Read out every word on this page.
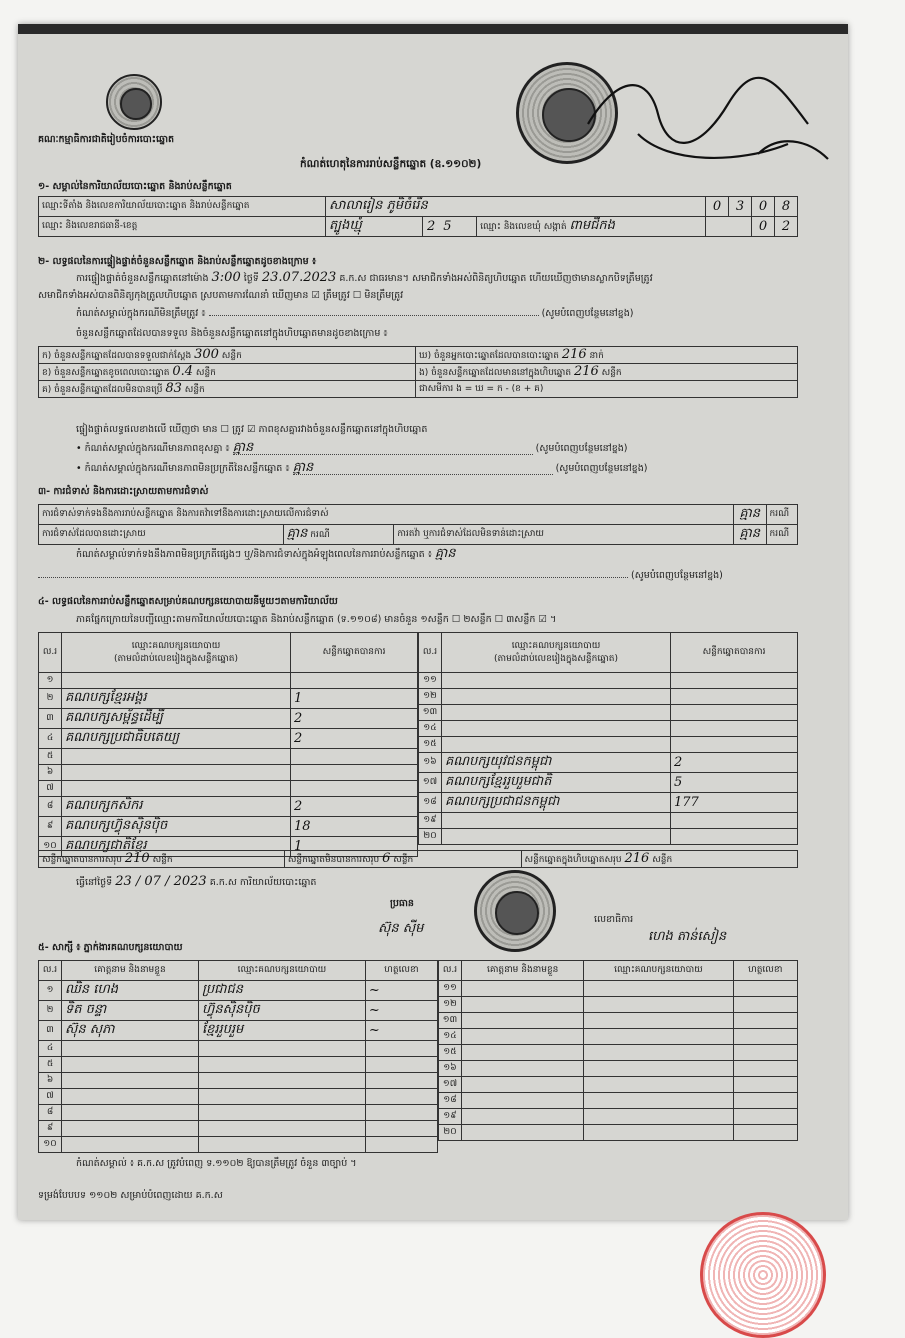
គណៈកម្មាធិការជាតិរៀបចំការបោះឆ្នោត
កំណត់ហេតុនៃការរាប់សន្លឹកឆ្នោត (ឧ.១១០២)
១- សម្គាល់នៃការិយាល័យបោះឆ្នោត និងរាប់សន្លឹកឆ្នោត
ឈ្មោះទីតាំង និងលេខការិយាល័យបោះឆ្នោត និងរាប់សន្លឹកឆ្នោត	សាលារៀន ភូមិចំរើន			0	3	0	8
ឈ្មោះ និងលេខរាជធានី-ខេត្ត	ត្បូងឃ្មុំ	2 5	ឈ្មោះ និងលេខឃុំ សង្កាត់ ពាមជីកង			0	2
២- លទ្ធផលនៃការផ្ទៀងផ្ទាត់ចំនួនសន្លឹកឆ្នោត និងរាប់សន្លឹកឆ្នោតដូចខាងក្រោម ៖
ការផ្ទៀងផ្ទាត់ចំនួនសន្លឹកឆ្នោតនៅម៉ោង 3:00 ថ្ងៃទី 23.07.2023 គ.ក.ស ជាធរមាន។ សមាជិកទាំងអស់ពិនិត្យហិបឆ្នោត ហើយឃើញថាមានស្លាកបិទត្រឹមត្រូវ
សមាជិកទាំងអស់បានពិនិត្យកុងត្រូលហិបឆ្នោត ស្របតាមការណែនាំ ឃើញមាន ☑ ត្រឹមត្រូវ ☐ មិនត្រឹមត្រូវ
កំណត់សម្គាល់ក្នុងករណីមិនត្រឹមត្រូវ ៖	(សូមបំពេញបន្ថែមនៅខ្នង)
ចំនួនសន្លឹកឆ្នោតដែលបានទទួល និងចំនួនសន្លឹកឆ្នោតនៅក្នុងហិបឆ្នោតមានដូចខាងក្រោម ៖
ក) ចំនួនសន្លឹកឆ្នោតដែលបានទទួលជាក់ស្ដែង 300 សន្លឹក	ឃ) ចំនួនអ្នកបោះឆ្នោតដែលបានបោះឆ្នោត 216 នាក់
ខ) ចំនួនសន្លឹកឆ្នោតខូចពេលបោះឆ្នោត 0.4 សន្លឹក	ង) ចំនួនសន្លឹកឆ្នោតដែលមាននៅក្នុងហិបឆ្នោត 216 សន្លឹក
គ) ចំនួនសន្លឹកឆ្នោតដែលមិនបានប្រើ 83 សន្លឹក	ជាសមីការ ង = ឃ = ក - (ខ + គ)
ផ្ទៀងផ្ទាត់លទ្ធផលខាងលើ ឃើញថា មាន ☐ ត្រូវ ☑ ភាពខុសគ្នារវាងចំនួនសន្លឹកឆ្នោតនៅក្នុងហិបឆ្នោត
• កំណត់សម្គាល់ក្នុងករណីមានភាពខុសគ្នា ៖ គ្មាន	(សូមបំពេញបន្ថែមនៅខ្នង)
• កំណត់សម្គាល់ក្នុងករណីមានភាពមិនប្រក្រតីនៃសន្លឹកឆ្នោត ៖ គ្មាន	(សូមបំពេញបន្ថែមនៅខ្នង)
៣- ការជំទាស់ និងការដោះស្រាយតាមការជំទាស់
ការជំទាស់ទាក់ទងនឹងការរាប់សន្លឹកឆ្នោត និងការតវ៉ាទៅនឹងការដោះស្រាយលើការជំទាស់			គ្មាន	ករណី
ការជំទាស់ដែលបានដោះស្រាយ	គ្មាន ករណី	ការតវ៉ា ឬការជំទាស់ដែលមិនទាន់ដោះស្រាយ	គ្មាន	ករណី
កំណត់សម្គាល់ទាក់ទងនឹងភាពមិនប្រក្រតីផ្សេងៗ ឬ/និងការជំទាស់ក្នុងអំឡុងពេលនៃការរាប់សន្លឹកឆ្នោត ៖ គ្មាន
(សូមបំពេញបន្ថែមនៅខ្នង)
៤- លទ្ធផលនៃការរាប់សន្លឹកឆ្នោតសម្រាប់គណបក្សនយោបាយនីមួយៗតាមការិយាល័យ
ភាគផ្នែកក្រោយនៃបញ្ជីឈ្មោះតាមការិយាល័យបោះឆ្នោត និងរាប់សន្លឹកឆ្នោត (ទ.១១០៨) មានចំនួន ១សន្លឹក ☐ ២សន្លឹក ☐ ៣សន្លឹក ☑ ។
ល.រ	ឈ្មោះគណបក្សនយោបាយ
(តាមលំដាប់លេខរៀងក្នុងសន្លឹកឆ្នោត)	សន្លឹកឆ្នោតបានការ
១		
២	គណបក្សខ្មែរអង្គរ	1
៣	គណបក្សសម្ព័ន្ធដើម្បី	2
៤	គណបក្សប្រជាធិបតេយ្យ	2
៥		
៦		
៧		
៨	គណបក្សកសិករ	2
៩	គណបក្សហ៊្វុនស៊ិនប៉ិច	18
១០	គណបក្សជាតិខ្មែរ	1
ល.រ	ឈ្មោះគណបក្សនយោបាយ
(តាមលំដាប់លេខរៀងក្នុងសន្លឹកឆ្នោត)	សន្លឹកឆ្នោតបានការ
១១		
១២		
១៣		
១៤		
១៥		
១៦	គណបក្សយុវជនកម្ពុជា	2
១៧	គណបក្សខ្មែររួបរួមជាតិ	5
១៨	គណបក្សប្រជាជនកម្ពុជា	177
១៩		
២០		
សន្លឹកឆ្នោតបានការសរុប 210 សន្លឹក	សន្លឹកឆ្នោតមិនបានការសរុប 6 សន្លឹក	សន្លឹកឆ្នោតក្នុងហិបឆ្នោតសរុប 216 សន្លឹក
ធ្វើនៅថ្ងៃទី 23 / 07 / 2023 គ.ក.ស ការិយាល័យបោះឆ្នោត
ប្រធាន
ស៊ុន ស៊ីម
លេខាធិការ
ហេង តាន់សៀន
៥- សាក្សី ៖ ភ្នាក់ងារគណបក្សនយោបាយ
ល.រ	គោត្តនាម និងនាមខ្លួន	ឈ្មោះគណបក្សនយោបាយ	ហត្ថលេខា
១	ឈិន ហេង	ប្រជាជន	~
២	ទិត ចន្ទា	ហ៊្វុនស៊ិនប៉ិច	~
៣	ស៊ុន សុភា	ខ្មែររួបរួម	~
៤			
៥			
៦			
៧			
៨			
៩			
១០			
ល.រ	គោត្តនាម និងនាមខ្លួន	ឈ្មោះគណបក្សនយោបាយ	ហត្ថលេខា
១១			
១២			
១៣			
១៤			
១៥			
១៦			
១៧			
១៨			
១៩			
២០			
កំណត់សម្គាល់ ៖ គ.ក.ស ត្រូវបំពេញ ទ.១១០២ ឱ្យបានត្រឹមត្រូវ ចំនួន ៣ច្បាប់ ។
ទម្រង់បែបបទ ១១០២ សម្រាប់បំពេញដោយ គ.ក.ស
